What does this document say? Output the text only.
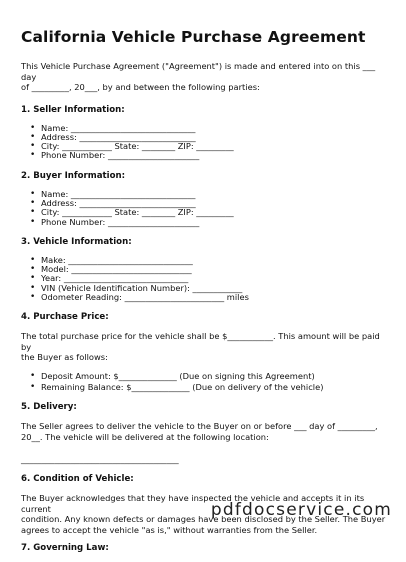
California Vehicle Purchase Agreement

This Vehicle Purchase Agreement ("Agreement") is made and entered into on this ___ day

of _________, 20___, by and between the following parties:

1. Seller Information:

• Name: ______________________________
• Address: ____________________________
• City: ____________ State: ________ ZIP: _________
• Phone Number: ______________________

2. Buyer Information:

• Name: ______________________________
• Address: ____________________________
• City: ____________ State: ________ ZIP: _________
• Phone Number: ______________________

3. Vehicle Information:

• Make: ______________________________
• Model: _____________________________
• Year: ______________________________
• VIN (Vehicle Identification Number): ____________
• Odometer Reading: ________________________ miles

4. Purchase Price:

The total purchase price for the vehicle shall be $___________. This amount will be paid by

the Buyer as follows:

• Deposit Amount: $______________ (Due on signing this Agreement)
• Remaining Balance: $______________ (Due on delivery of the vehicle)

5. Delivery:

The Seller agrees to deliver the vehicle to the Buyer on or before ___ day of _________,

20__. The vehicle will be delivered at the following location:

______________________________________

6. Condition of Vehicle:

The Buyer acknowledges that they have inspected the vehicle and accepts it in its current

condition. Any known defects or damages have been disclosed by the Seller. The Buyer

agrees to accept the vehicle "as is," without warranties from the Seller.

7. Governing Law:

pdfdocservice.com
